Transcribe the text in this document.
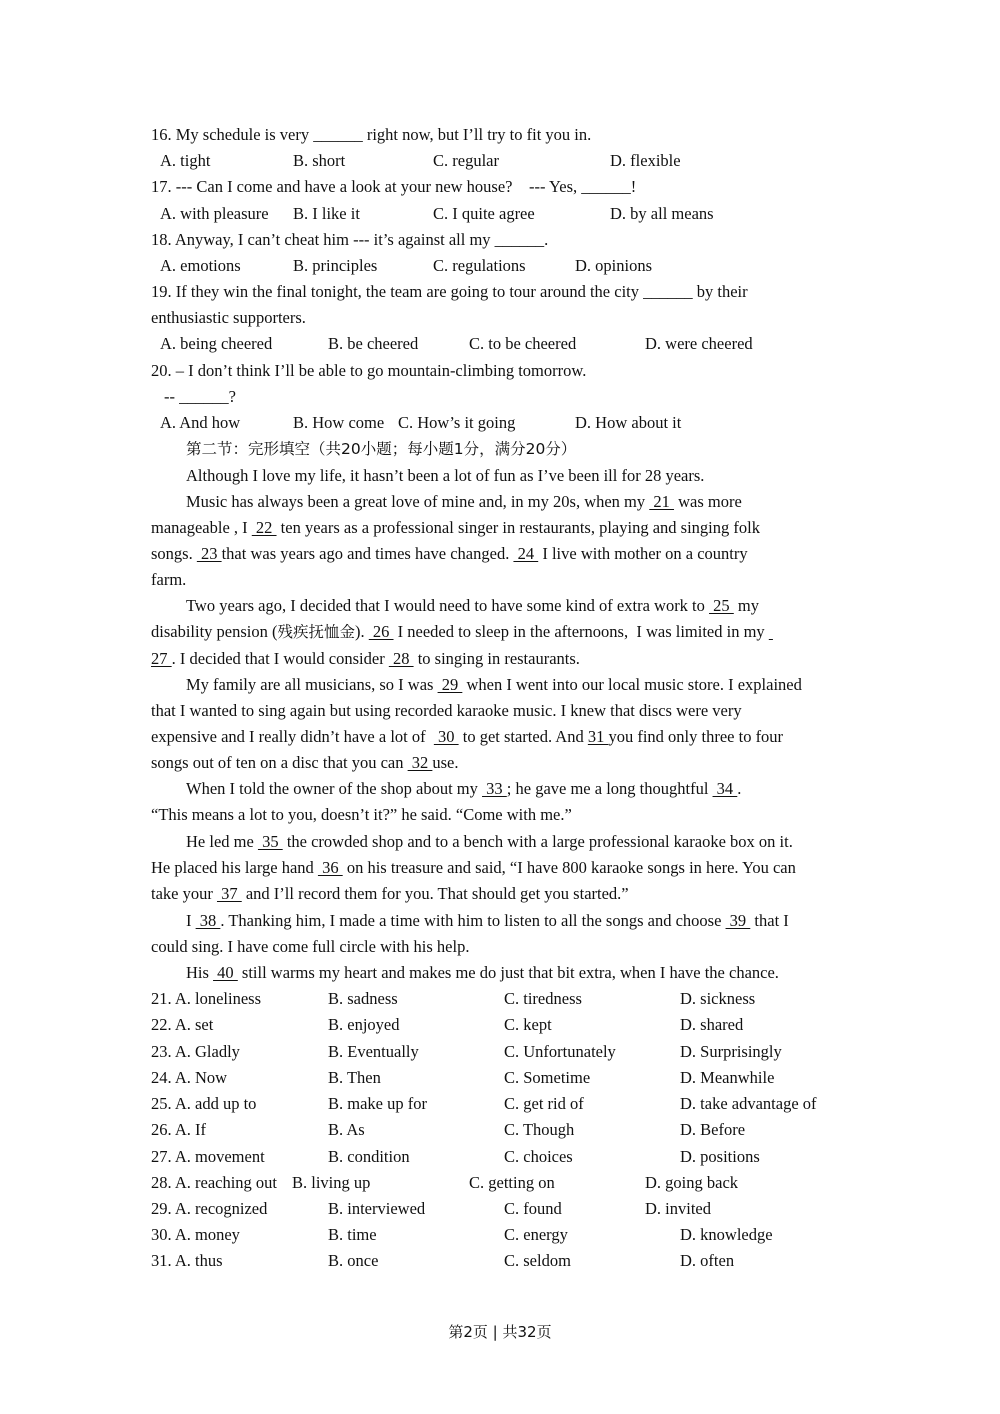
16. My schedule is very ______ right now, but I’ll try to fit you in.
A. tight	B. short	C. regular	D. flexible
17. --- Can I come and have a look at your new house?    --- Yes, ______!
A. with pleasure B. I like it	C. I quite agree	D. by all means
18. Anyway, I can’t cheat him --- it’s against all my ______.
A. emotions	B. principles	C. regulations	D. opinions
19. If they win the final tonight, the team are going to tour around the city ______ by their
enthusiastic supporters.
A. being cheered	B. be cheered	C. to be cheered	D. were cheered
20. – I don’t think I’ll be able to go mountain-climbing tomorrow.
-- ______?
A. And how	B. How come C. How’s it going	D. How about it
第二节：完形填空（共20小题；每小题1分，满分20分）
Although I love my life, it hasn’t been a lot of fun as I’ve been ill for 28 years.
Music has always been a great love of mine and, in my 20s, when my  21  was more
manageable , I  22  ten years as a professional singer in restaurants, playing and singing folk
songs.  23 that was years ago and times have changed.  24  I live with mother on a country
farm.
Two years ago, I decided that I would need to have some kind of extra work to  25  my
disability pension (残疾抚恤金).  26  I needed to sleep in the afternoons,  I was limited in my
27 . I decided that I would consider  28  to singing in restaurants.
My family are all musicians, so I was  29  when I went into our local music store. I explained
that I wanted to sing again but using recorded karaoke music. I knew that discs were very
expensive and I really didn’t have a lot of   30  to get started. And 31 you find only three to four
songs out of ten on a disc that you can  32 use.
When I told the owner of the shop about my  33 ; he gave me a long thoughtful  34 .
“This means a lot to you, doesn’t it?” he said. “Come with me.”
He led me  35  the crowded shop and to a bench with a large professional karaoke box on it.
He placed his large hand  36  on his treasure and said, “I have 800 karaoke songs in here. You can
take your  37  and I’ll record them for you. That should get you started.”
I  38 . Thanking him, I made a time with him to listen to all the songs and choose  39  that I
could sing. I have come full circle with his help.
His  40  still warms my heart and makes me do just that bit extra, when I have the chance.
21. A. loneliness	B. sadness	C. tiredness	D. sickness
22. A. set	B. enjoyed	C. kept	D. shared
23. A. Gladly	B. Eventually	C. Unfortunately	D. Surprisingly
24. A. Now	B. Then	C. Sometime	D. Meanwhile
25. A. add up to	B. make up for	C. get rid of	D. take advantage of
26. A. If	B. As	C. Though	D. Before
27. A. movement	B. condition	C. choices	D. positions
28. A. reaching out B. living up	C. getting on	D. going back
29. A. recognized	B. interviewed	C. found	D. invited
30. A. money	B. time	C. energy	D. knowledge
31. A. thus	B. once	C. seldom	D. often
第2页 | 共32页
